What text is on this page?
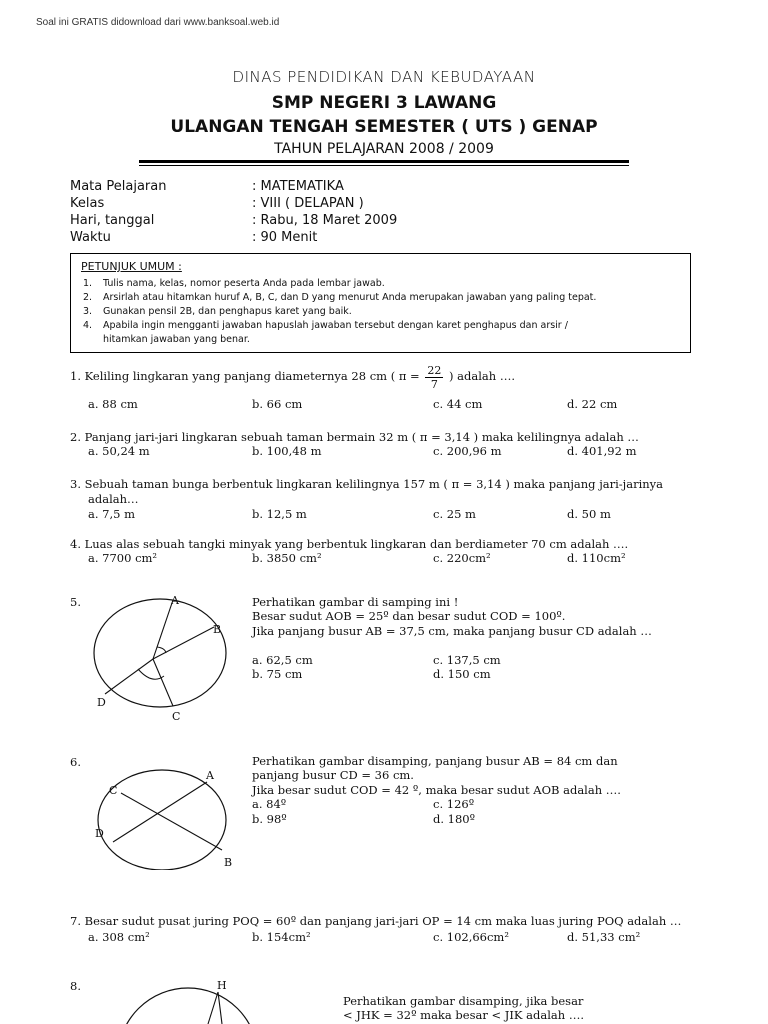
Soal ini GRATIS didownload dari www.banksoal.web.id
DINAS PENDIDIKAN DAN KEBUDAYAAN
SMP NEGERI 3 LAWANG
ULANGAN TENGAH SEMESTER ( UTS ) GENAP
TAHUN PELAJARAN 2008 / 2009
Mata Pelajaran	: MATEMATIKA
Kelas	: VIII ( DELAPAN )
Hari, tanggal	: Rabu, 18 Maret 2009
Waktu	: 90 Menit
PETUNJUK UMUM :
1. Tulis nama, kelas, nomor peserta Anda pada lembar jawab.
2. Arsirlah atau hitamkan huruf A, B, C, dan D yang menurut Anda merupakan jawaban yang paling tepat.
3. Gunakan pensil 2B, dan penghapus karet yang baik.
4. Apabila ingin mengganti jawaban hapuslah jawaban tersebut dengan karet penghapus dan arsir /
hitamkan jawaban yang benar.
1. Keliling lingkaran yang panjang diameternya 28 cm ( $\pi = \frac{22}{7}$ ) adalah ….
a. 88 cm	b. 66 cm	c. 44 cm	d. 22 cm
2. Panjang jari-jari lingkaran sebuah taman bermain 32 m ( π = 3,14 ) maka kelilingnya adalah …
a. 50,24 m	b. 100,48 m	c. 200,96 m	d. 401,92 m
3. Sebuah taman bunga berbentuk lingkaran kelilingnya 157 m ( π = 3,14 ) maka panjang jari-jarinya
adalah…
a. 7,5 m	b. 12,5 m	c. 25 m	d. 50 m
4. Luas alas sebuah tangki minyak yang berbentuk lingkaran dan berdiameter 70 cm adalah ….
a. 7700 cm²	b. 3850 cm²	c. 220cm²	d. 110cm²
5.	A
B
C
D
Perhatikan gambar di samping ini !
Besar sudut AOB = 25º dan besar sudut COD = 100º.
Jika panjang busur AB = 37,5 cm, maka panjang busur CD adalah …
a. 62,5 cm
b. 75 cm
c. 137,5 cm
d. 150 cm
6.
A
B
C
D
Perhatikan gambar disamping, panjang busur AB = 84 cm dan
panjang busur CD = 36 cm.
Jika besar sudut COD = 42 º, maka besar sudut AOB adalah ….
a. 84º
b. 98º
c. 126º
d. 180º
7. Besar sudut pusat juring POQ = 60º dan panjang jari-jari OP = 14 cm maka luas juring POQ adalah …
a. 308 cm²	b. 154cm²	c. 102,66cm²	d. 51,33 cm²
8.	H
Perhatikan gambar disamping, jika besar
< JHK = 32º maka besar < JIK adalah ….
